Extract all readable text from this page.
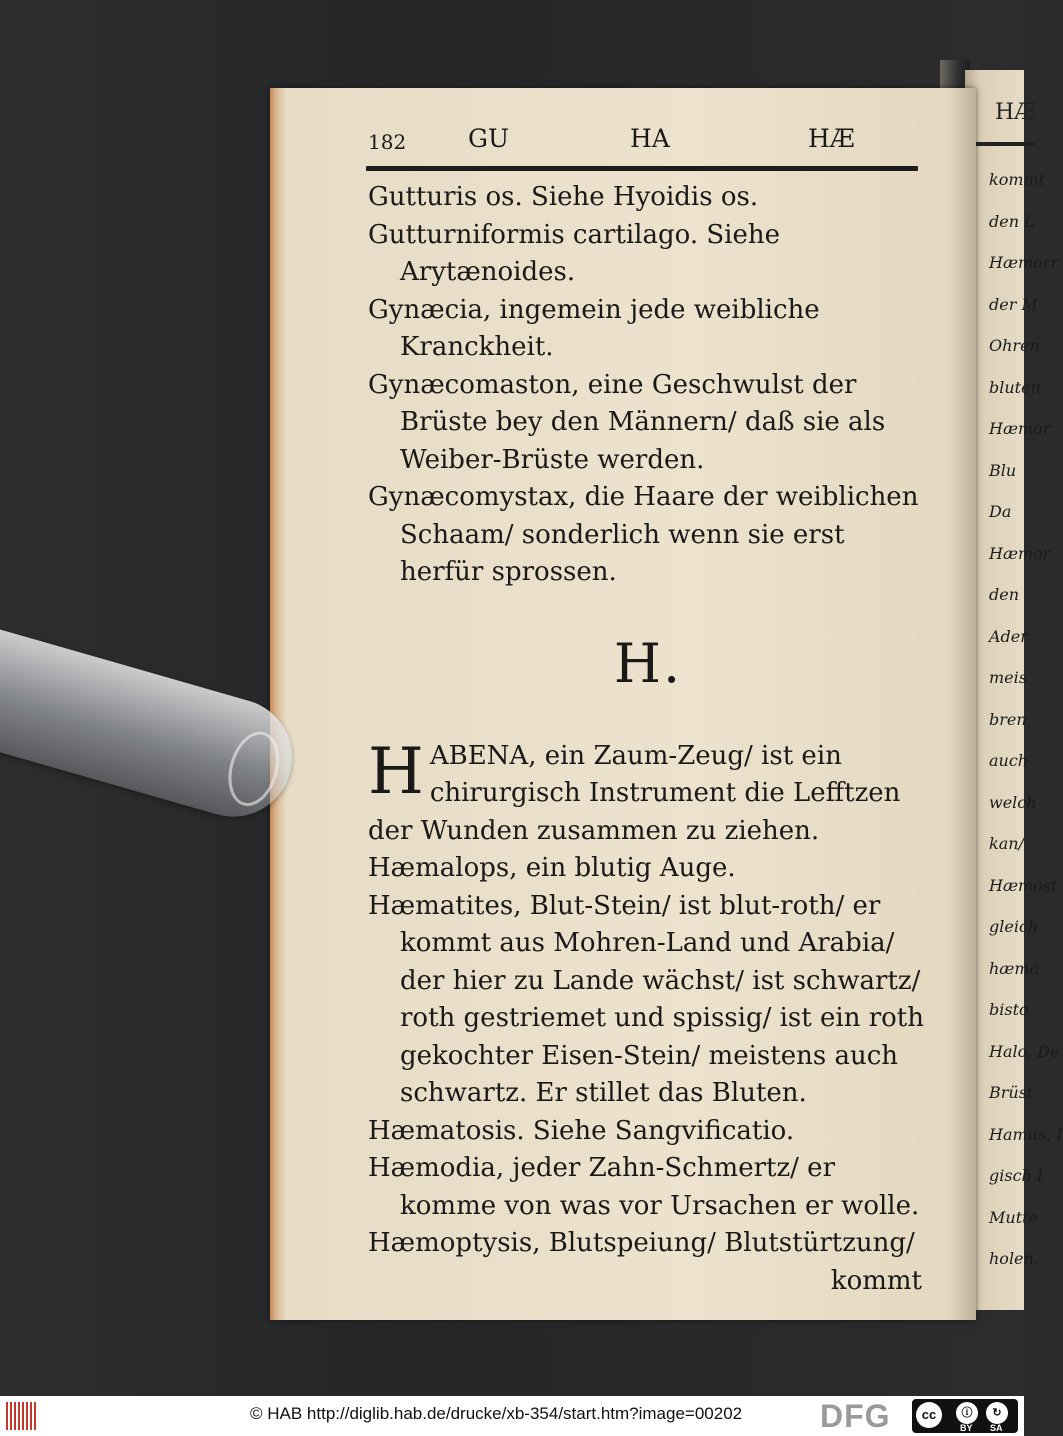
HÆ
kommt
den L
Hæmorr
der M
Ohren
bluten
Hæmor
Blu
Da
Hæmor
den
Ader
meis
bren
auch
welch
kan/
Hæmost
gleich
hæma
bisto
Halo, De
Brüst
Hamus, I
gisch I
Mutte
holen.
182 GU	HA	HÆ

Gutturis os. Siehe Hyoidis os.

Gutturniformis cartilago. Siehe Arytænoides.

Gynæcia, ingemein jede weibliche Kranckheit.

Gynæcomaston, eine Geschwulst der Brüste bey den Männern/ daß sie als Weiber-Brüste werden.

Gynæcomystax, die Haare der weiblichen Schaam/ sonderlich wenn sie erst herfür sprossen.

H.
H ABENA, ein Zaum-Zeug/ ist ein chirurgisch Instrument die Lefftzen der Wunden zusammen zu ziehen.

Hæmalops, ein blutig Auge.

Hæmatites, Blut-Stein/ ist blut-roth/ er kommt aus Mohren-Land und Arabia/ der hier zu Lande wächst/ ist schwartz/ roth gestriemet und spissig/ ist ein roth gekochter Eisen-Stein/ meistens auch schwartz. Er stillet das Bluten.

Hæmatosis. Siehe Sangvificatio.

Hæmodia, jeder Zahn-Schmertz/ er komme von was vor Ursachen er wolle.

Hæmoptysis, Blutspeiung/ Blutstürtzung/

kommt
© HAB http://diglib.hab.de/drucke/xb-354/start.htm?image=00202 DFG	cc	ⓘ	↻
BY SA
